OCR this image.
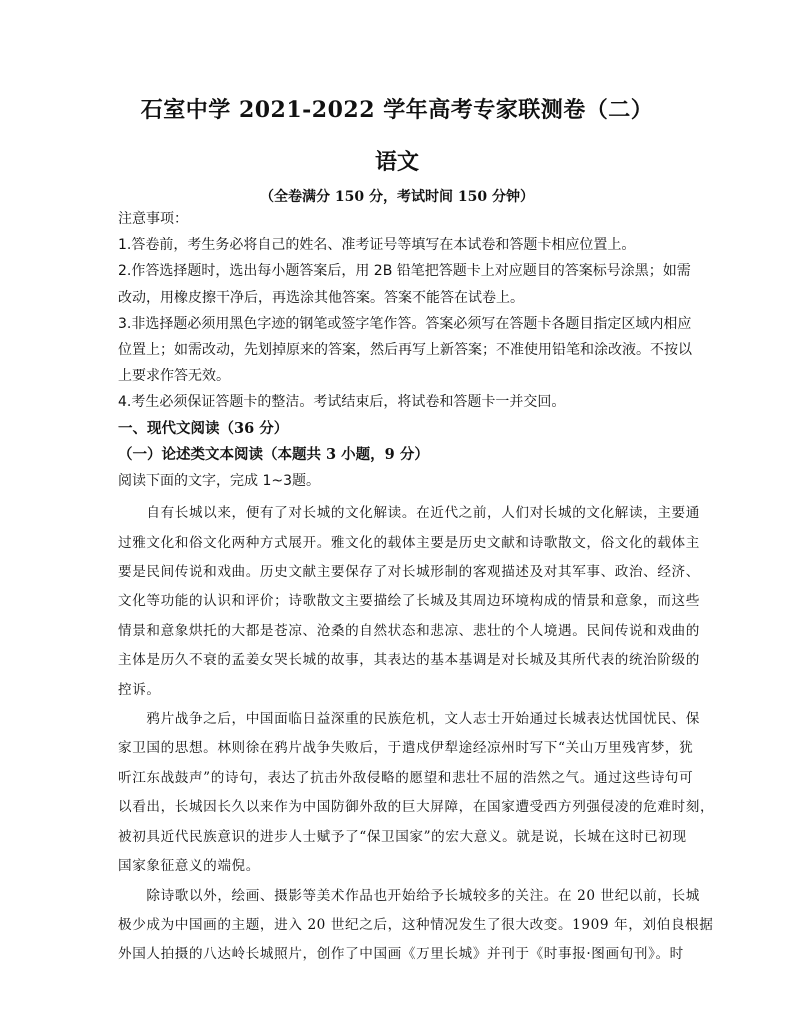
石室中学 2021-2022 学年高考专家联测卷（二）
语文
（全卷满分 150 分，考试时间 150 分钟）
注意事项：
1.答卷前，考生务必将自己的姓名、准考证号等填写在本试卷和答题卡相应位置上。
2.作答选择题时，选出每小题答案后，用 2B 铅笔把答题卡上对应题目的答案标号涂黑；如需
改动，用橡皮擦干净后，再选涂其他答案。答案不能答在试卷上。
3.非选择题必须用黑色字迹的钢笔或签字笔作答。答案必须写在答题卡各题目指定区域内相应
位置上；如需改动，先划掉原来的答案，然后再写上新答案；不准使用铅笔和涂改液。不按以
上要求作答无效。
4.考生必须保证答题卡的整洁。考试结束后，将试卷和答题卡一并交回。
一、现代文阅读（36 分）
（一）论述类文本阅读（本题共 3 小题，9 分）
阅读下面的文字，完成 1~3题。
　　自有长城以来，便有了对长城的文化解读。在近代之前，人们对长城的文化解读，主要通
过雅文化和俗文化两种方式展开。雅文化的载体主要是历史文献和诗歌散文，俗文化的载体主
要是民间传说和戏曲。历史文献主要保存了对长城形制的客观描述及对其军事、政治、经济、
文化等功能的认识和评价；诗歌散文主要描绘了长城及其周边环境构成的情景和意象，而这些
情景和意象烘托的大都是苍凉、沧桑的自然状态和悲凉、悲壮的个人境遇。民间传说和戏曲的
主体是历久不衰的孟姜女哭长城的故事，其表达的基本基调是对长城及其所代表的统治阶级的
控诉。
　　鸦片战争之后，中国面临日益深重的民族危机，文人志士开始通过长城表达忧国忧民、保
家卫国的思想。林则徐在鸦片战争失败后，于遣戍伊犁途经凉州时写下“关山万里残宵梦，犹
听江东战鼓声”的诗句，表达了抗击外敌侵略的愿望和悲壮不屈的浩然之气。通过这些诗句可
以看出，长城因长久以来作为中国防御外敌的巨大屏障，在国家遭受西方列强侵凌的危难时刻，
被初具近代民族意识的进步人士赋予了“保卫国家”的宏大意义。就是说，长城在这时已初现
国家象征意义的端倪。
　　除诗歌以外，绘画、摄影等美术作品也开始给予长城较多的关注。在 20 世纪以前，长城
极少成为中国画的主题，进入 20 世纪之后，这种情况发生了很大改变。1909 年，刘伯良根据
外国人拍摄的八达岭长城照片，创作了中国画《万里长城》并刊于《时事报·图画旬刊》。时
